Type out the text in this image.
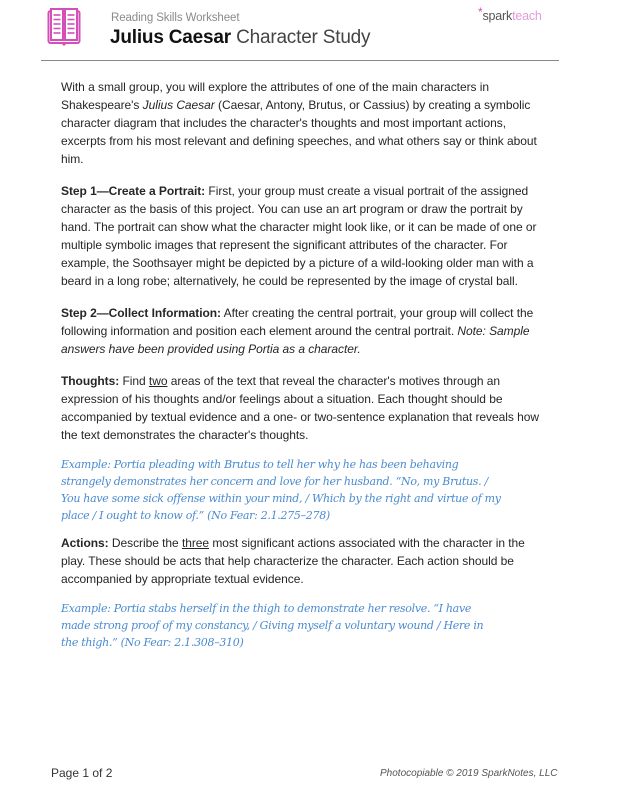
Reading Skills Worksheet
Julius Caesar Character Study
*sparkteach

With a small group, you will explore the attributes of one of the main characters in Shakespeare's Julius Caesar (Caesar, Antony, Brutus, or Cassius) by creating a symbolic character diagram that includes the character's thoughts and most important actions, excerpts from his most relevant and defining speeches, and what others say or think about him.

Step 1—Create a Portrait: First, your group must create a visual portrait of the assigned character as the basis of this project. You can use an art program or draw the portrait by hand. The portrait can show what the character might look like, or it can be made of one or multiple symbolic images that represent the significant attributes of the character. For example, the Soothsayer might be depicted by a picture of a wild-looking older man with a beard in a long robe; alternatively, he could be represented by the image of crystal ball.

Step 2—Collect Information: After creating the central portrait, your group will collect the following information and position each element around the central portrait. Note: Sample answers have been provided using Portia as a character.

Thoughts: Find two areas of the text that reveal the character's motives through an expression of his thoughts and/or feelings about a situation. Each thought should be accompanied by textual evidence and a one- or two-sentence explanation that reveals how the text demonstrates the character's thoughts.

Example: Portia pleading with Brutus to tell her why he has been behaving strangely demonstrates her concern and love for her husband. “No, my Brutus. / You have some sick offense within your mind, / Which by the right and virtue of my place / I ought to know of.” (No Fear: 2.1.275–278)

Actions: Describe the three most significant actions associated with the character in the play. These should be acts that help characterize the character. Each action should be accompanied by appropriate textual evidence.

Example: Portia stabs herself in the thigh to demonstrate her resolve. “I have made strong proof of my constancy, / Giving myself a voluntary wound / Here in the thigh.” (No Fear: 2.1.308–310)

Page 1 of 2	Photocopiable © 2019 SparkNotes, LLC
